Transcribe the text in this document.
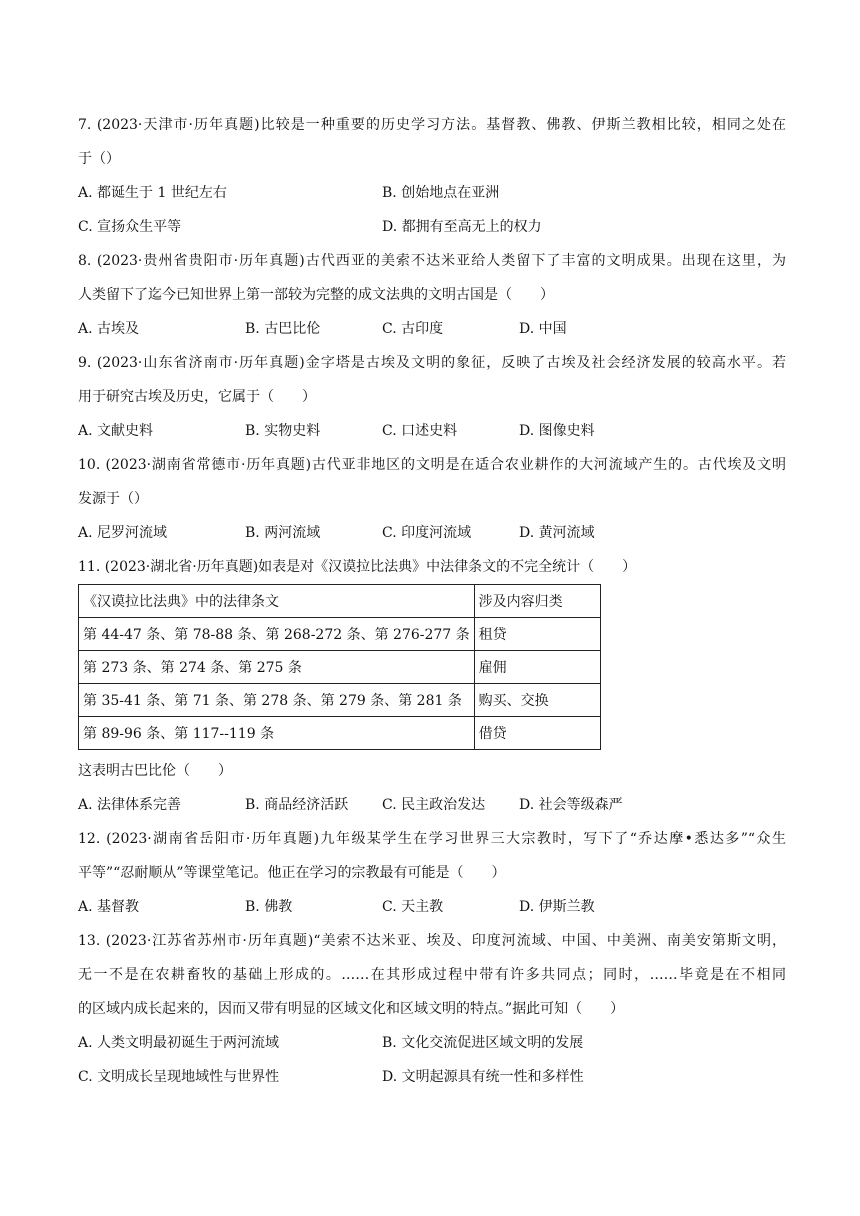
7. (2023·天津市·历年真题)比较是一种重要的历史学习方法。基督教、佛教、伊斯兰教相比较，相同之处在
于（）
A. 都诞生于 1 世纪左右	B. 创始地点在亚洲
C. 宣扬众生平等	D. 都拥有至高无上的权力
8. (2023·贵州省贵阳市·历年真题)古代西亚的美索不达米亚给人类留下了丰富的文明成果。出现在这里，为
人类留下了迄今已知世界上第一部较为完整的成文法典的文明古国是（　　）
A. 古埃及	B. 古巴比伦	C. 古印度	D. 中国
9. (2023·山东省济南市·历年真题)金字塔是古埃及文明的象征，反映了古埃及社会经济发展的较高水平。若
用于研究古埃及历史，它属于（　　）
A. 文献史料	B. 实物史料	C. 口述史料	D. 图像史料
10. (2023·湖南省常德市·历年真题)古代亚非地区的文明是在适合农业耕作的大河流域产生的。古代埃及文明
发源于（）
A. 尼罗河流域	B. 两河流域	C. 印度河流域	D. 黄河流域
11. (2023·湖北省·历年真题)如表是对《汉谟拉比法典》中法律条文的不完全统计（　　）
《汉谟拉比法典》中的法律条文	涉及内容归类
第 44-47 条、第 78-88 条、第 268-272 条、第 276-277 条	租贷
第 273 条、第 274 条、第 275 条	雇佣
第 35-41 条、第 71 条、第 278 条、第 279 条、第 281 条	购买、交换
第 89-96 条、第 117--119 条	借贷
这表明古巴比伦（　　）
A. 法律体系完善	B. 商品经济活跃 C. 民主政治发达 D. 社会等级森严
12. (2023·湖南省岳阳市·历年真题)九年级某学生在学习世界三大宗教时，写下了“乔达摩•悉达多”“众生
平等”“忍耐顺从”等课堂笔记。他正在学习的宗教最有可能是（　　）
A. 基督教	B. 佛教	C. 天主教	D. 伊斯兰教
13. (2023·江苏省苏州市·历年真题)“美索不达米亚、埃及、印度河流域、中国、中美洲、南美安第斯文明，
无一不是在农耕畜牧的基础上形成的。……在其形成过程中带有许多共同点；同时，……毕竟是在不相同
的区域内成长起来的，因而又带有明显的区域文化和区域文明的特点。”据此可知（　　）
A. 人类文明最初诞生于两河流域	B. 文化交流促进区域文明的发展
C. 文明成长呈现地域性与世界性	D. 文明起源具有统一性和多样性
